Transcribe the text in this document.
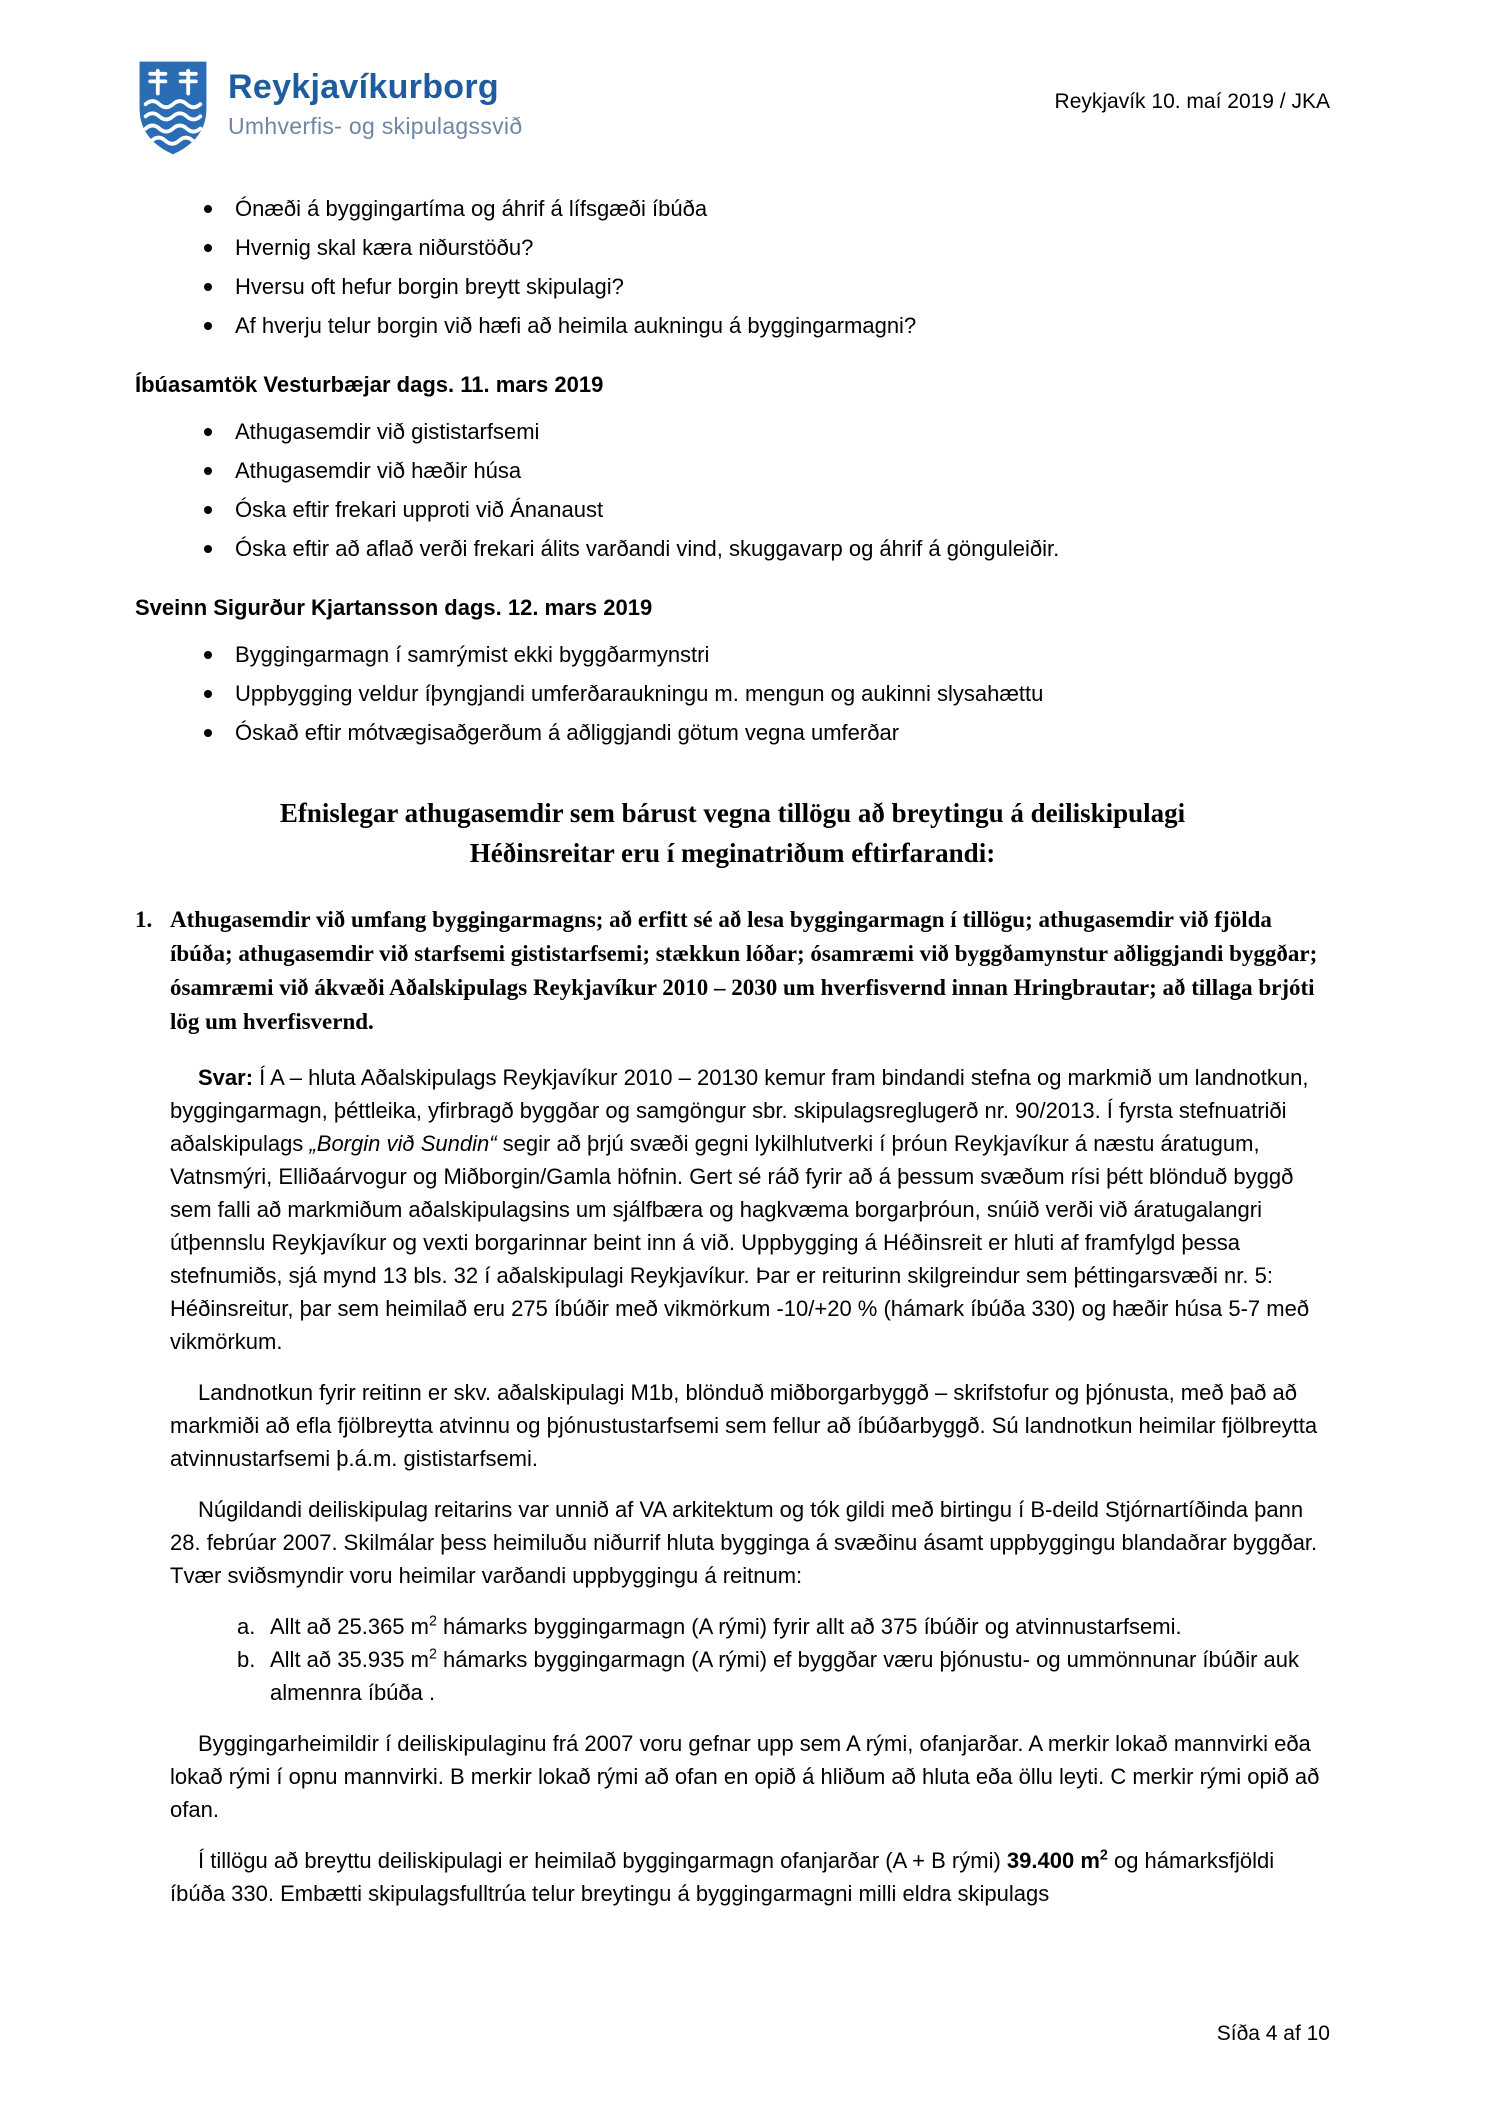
Reykjavíkurborg
Umhverfis- og skipulagssvið
Reykjavík 10. maí 2019 / JKA
Ónæði á byggingartíma og áhrif á lífsgæði íbúða
Hvernig skal kæra niðurstöðu?
Hversu oft hefur borgin breytt skipulagi?
Af hverju telur borgin við hæfi að heimila aukningu á byggingarmagni?
Íbúasamtök Vesturbæjar dags. 11. mars 2019
Athugasemdir við gististarfsemi
Athugasemdir við hæðir húsa
Óska eftir frekari upproti við Ánanaust
Óska eftir að aflað verði frekari álits varðandi vind, skuggavarp og áhrif á gönguleiðir.
Sveinn Sigurður Kjartansson dags. 12. mars 2019
Byggingarmagn í samrýmist ekki byggðarmynstri
Uppbygging veldur íþyngjandi umferðaraukningu m. mengun og aukinni slysahættu
Óskað eftir mótvægisaðgerðum á aðliggjandi götum vegna umferðar
Efnislegar athugasemdir sem bárust vegna tillögu að breytingu á deiliskipulagi Héðinsreitar eru í meginatriðum eftirfarandi:
1. Athugasemdir við umfang byggingarmagns; að erfitt sé að lesa byggingarmagn í tillögu; athugasemdir við fjölda íbúða; athugasemdir við starfsemi gististarfsemi; stækkun lóðar; ósamræmi við byggðamynstur aðliggjandi byggðar; ósamræmi við ákvæði Aðalskipulags Reykjavíkur 2010 – 2030 um hverfisvernd innan Hringbrautar; að tillaga brjóti lög um hverfisvernd.

Svar: Í A – hluta Aðalskipulags Reykjavíkur 2010 – 20130 kemur fram bindandi stefna og markmið um landnotkun, byggingarmagn, þéttleika, yfirbragð byggðar og samgöngur sbr. skipulagsreglugerð nr. 90/2013. Í fyrsta stefnuatriði aðalskipulags „Borgin við Sundin“ segir að þrjú svæði gegni lykilhlutverki í þróun Reykjavíkur á næstu áratugum, Vatnsmýri, Elliðaárvogur og Miðborgin/Gamla höfnin. Gert sé ráð fyrir að á þessum svæðum rísi þétt blönduð byggð sem falli að markmiðum aðalskipulagsins um sjálfbæra og hagkvæma borgarþróun, snúið verði við áratugalangri útþennslu Reykjavíkur og vexti borgarinnar beint inn á við. Uppbygging á Héðinsreit er hluti af framfylgd þessa stefnumiðs, sjá mynd 13 bls. 32 í aðalskipulagi Reykjavíkur. Þar er reiturinn skilgreindur sem þéttingarsvæði nr. 5: Héðinsreitur, þar sem heimilað eru 275 íbúðir með vikmörkum -10/+20 % (hámark íbúða 330) og hæðir húsa 5-7 með vikmörkum.

Landnotkun fyrir reitinn er skv. aðalskipulagi M1b, blönduð miðborgarbyggð – skrifstofur og þjónusta, með það að markmiði að efla fjölbreytta atvinnu og þjónustustarfsemi sem fellur að íbúðarbyggð. Sú landnotkun heimilar fjölbreytta atvinnustarfsemi þ.á.m. gististarfsemi.

Núgildandi deiliskipulag reitarins var unnið af VA arkitektum og tók gildi með birtingu í B-deild Stjórnartíðinda þann 28. febrúar 2007. Skilmálar þess heimiluðu niðurrif hluta bygginga á svæðinu ásamt uppbyggingu blandaðrar byggðar. Tvær sviðsmyndir voru heimilar varðandi uppbyggingu á reitnum:

a. Allt að 25.365 $m^2$ hámarks byggingarmagn (A rými) fyrir allt að 375 íbúðir og atvinnustarfsemi.
b. Allt að 35.935 $m^2$ hámarks byggingarmagn (A rými) ef byggðar væru þjónustu- og ummönnunar íbúðir auk almennra íbúða .

Byggingarheimildir í deiliskipulaginu frá 2007 voru gefnar upp sem A rými, ofanjarðar. A merkir lokað mannvirki eða lokað rými í opnu mannvirki. B merkir lokað rými að ofan en opið á hliðum að hluta eða öllu leyti. C merkir rými opið að ofan.

Í tillögu að breyttu deiliskipulagi er heimilað byggingarmagn ofanjarðar (A + B rými) 39.400 $m^2$ og hámarksfjöldi íbúða 330. Embætti skipulagsfulltrúa telur breytingu á byggingarmagni milli eldra skipulags

Síða 4 af 10
